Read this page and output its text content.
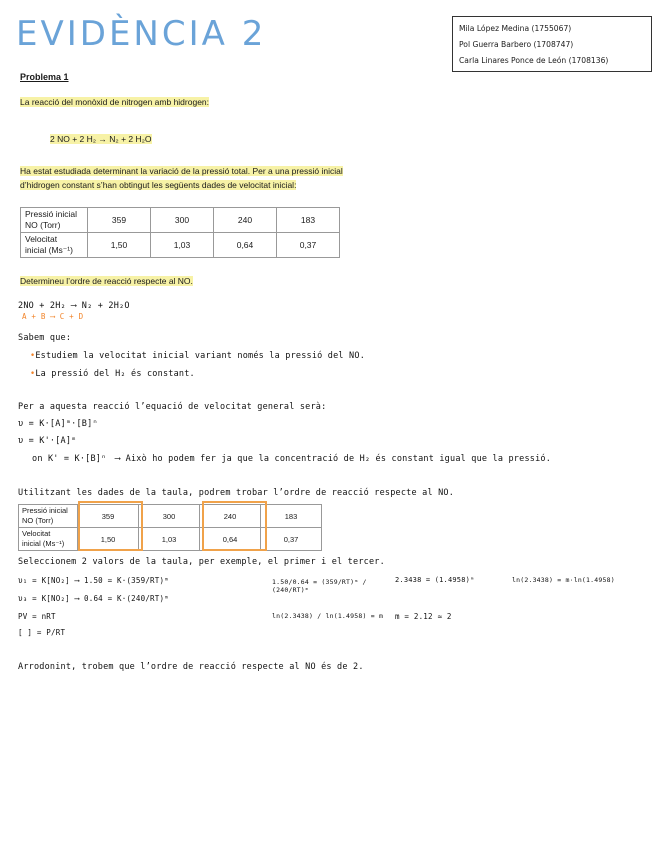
EVIDÈNCIA 2	Mila López Medina (1755067)
Pol Guerra Barbero (1708747)
Carla Linares Ponce de León (1708136)
Problema 1
La reacció del monòxid de nitrogen amb hidrogen:
2 NO + 2 H₂ → N₂ + 2 H₂O
Ha estat estudiada determinant la variació de la pressió total. Per a una pressió inicial
d’hidrogen constant s’han obtingut les següents dades de velocitat inicial:
Pressió inicial
NO (Torr)	359	300	240	183
Velocitat
inicial (Ms⁻¹)	1,50	1,03	0,64	0,37
Determineu l’ordre de reacció respecte al NO.
2NO + 2H₂ ⟶ N₂ + 2H₂O
A + B ⟶ C + D
Sabem que:
•Estudiem la velocitat inicial variant només la pressió del NO.
•La pressió del H₂ és constant.
Per a aquesta reacció l’equació de velocitat general serà:
υ = K·[A]ᵐ·[B]ⁿ
υ = K'·[A]ᵐ
on K' = K·[B]ⁿ ⟶ Això ho podem fer ja que la concentració de H₂ és constant igual que la pressió.
Utilitzant les dades de la taula, podrem trobar l’ordre de reacció respecte al NO.
Pressió inicial
NO (Torr)	359	300	240	183
Velocitat
inicial (Ms⁻¹)	1,50	1,03	0,64	0,37
Seleccionem 2 valors de la taula, per exemple, el primer i el tercer.
υ₁ = K[NO₂] ⟶ 1.50 = K·(359/RT)ᵐ
υ₃ = K[NO₂] ⟶ 0.64 = K·(240/RT)ᵐ
PV = nRT
[ ] = P/RT
1.50/0.64 = (359/RT)ᵐ / (240/RT)ᵐ
ln(2.3438) / ln(1.4958) = m
2.3438 = (1.4958)ᵐ
m = 2.12 ≈ 2
ln(2.3438) = m·ln(1.4958)
Arrodonint, trobem que l’ordre de reacció respecte al NO és de 2.
